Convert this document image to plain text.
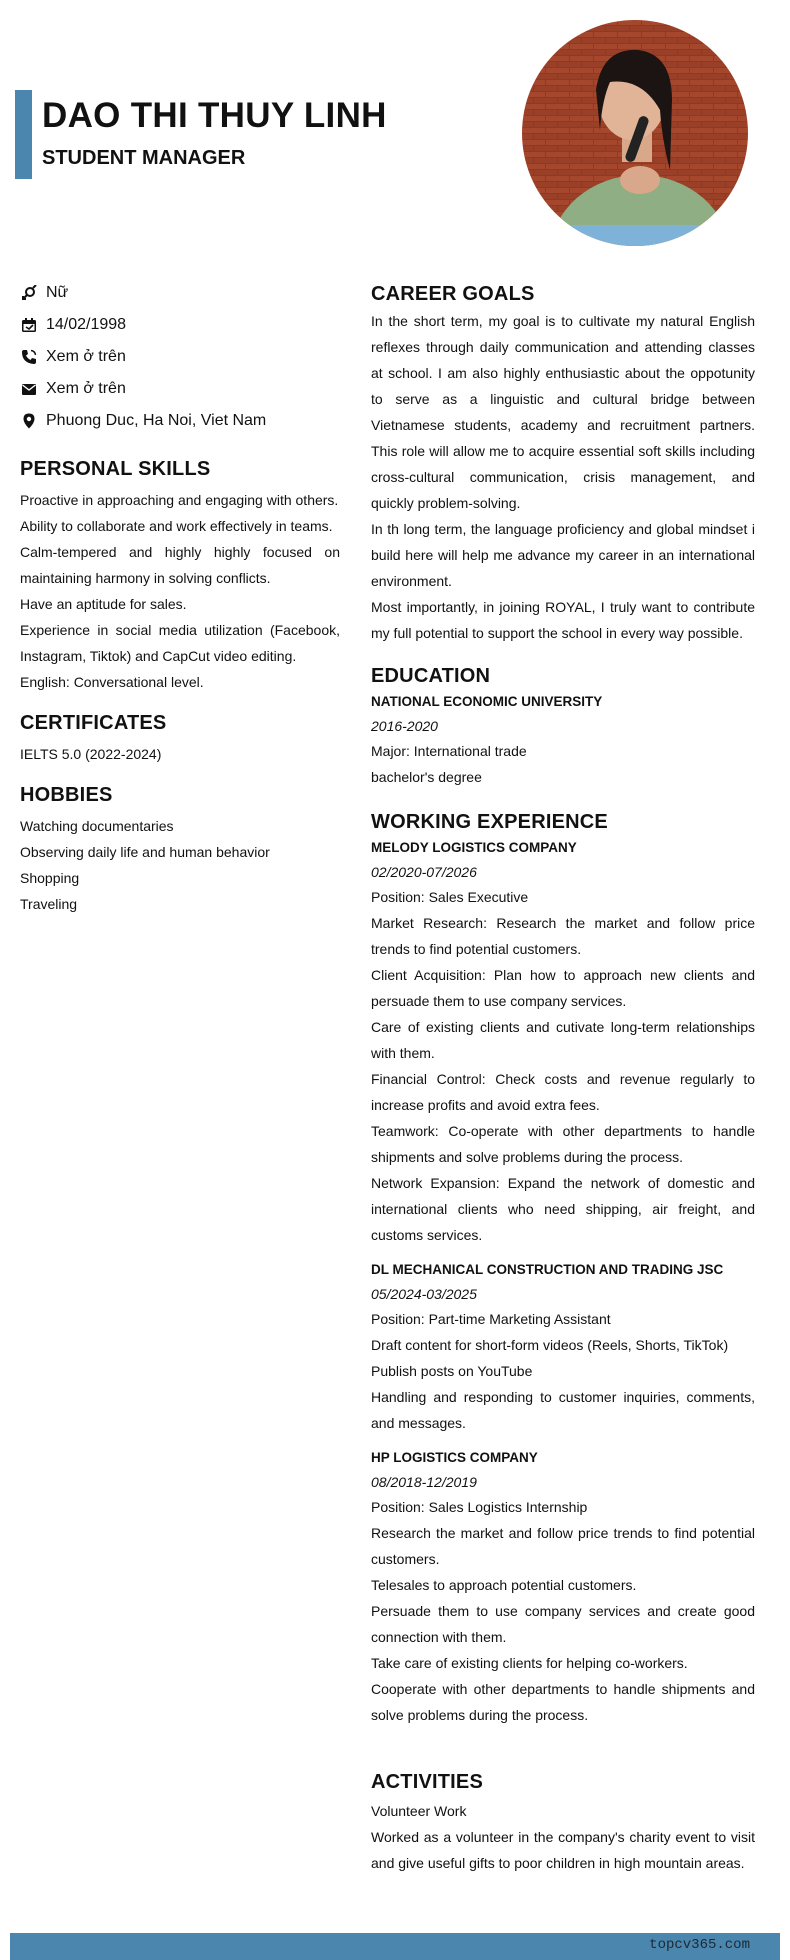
DAO THI THUY LINH
STUDENT MANAGER
Nữ
14/02/1998
Xem ở trên
Xem ở trên
Phuong Duc, Ha Noi, Viet Nam
PERSONAL SKILLS

Proactive in approaching and engaging with others.

Ability to collaborate and work effectively in teams.

Calm-tempered and highly highly focused on maintaining harmony in solving conflicts.

Have an aptitude for sales.

Experience in social media utilization (Facebook, Instagram, Tiktok) and CapCut video editing.

English: Conversational level.

CERTIFICATES

IELTS 5.0 (2022-2024)

HOBBIES

Watching documentaries

Observing daily life and human behavior

Shopping

Traveling

CAREER GOALS

In the short term, my goal is to cultivate my natural English reflexes through daily communication and attending classes at school. I am also highly enthusiastic about the oppotunity to serve as a linguistic and cultural bridge between Vietnamese students, academy and recruitment partners. This role will allow me to acquire essential soft skills including cross-cultural communication, crisis management, and quickly problem-solving.

In th long term, the language proficiency and global mindset i build here will help me advance my career in an international environment.

Most importantly, in joining ROYAL, I truly want to contribute my full potential to support the school in every way possible.

EDUCATION
NATIONAL ECONOMIC UNIVERSITY
2016-2020

Major: International trade

bachelor's degree

WORKING EXPERIENCE
MELODY LOGISTICS COMPANY
02/2020-07/2026

Position: Sales Executive

Market Research: Research the market and follow price trends to find potential customers.

Client Acquisition: Plan how to approach new clients and persuade them to use company services.

Care of existing clients and cutivate long-term relationships with them.

Financial Control: Check costs and revenue regularly to increase profits and avoid extra fees.

Teamwork: Co-operate with other departments to handle shipments and solve problems during the process.

Network Expansion: Expand the network of domestic and international clients who need shipping, air freight, and customs services.

DL MECHANICAL CONSTRUCTION AND TRADING JSC
05/2024-03/2025

Position: Part-time Marketing Assistant

Draft content for short-form videos (Reels, Shorts, TikTok)

Publish posts on YouTube

Handling and responding to customer inquiries, comments, and messages.

HP LOGISTICS COMPANY
08/2018-12/2019

Position: Sales Logistics Internship

Research the market and follow price trends to find potential customers.

Telesales to approach potential customers.

Persuade them to use company services and create good connection with them.

Take care of existing clients for helping co-workers.

Cooperate with other departments to handle shipments and solve problems during the process.

ACTIVITIES

Volunteer Work

Worked as a volunteer in the company's charity event to visit and give useful gifts to poor children in high mountain areas.

topcv365.com
